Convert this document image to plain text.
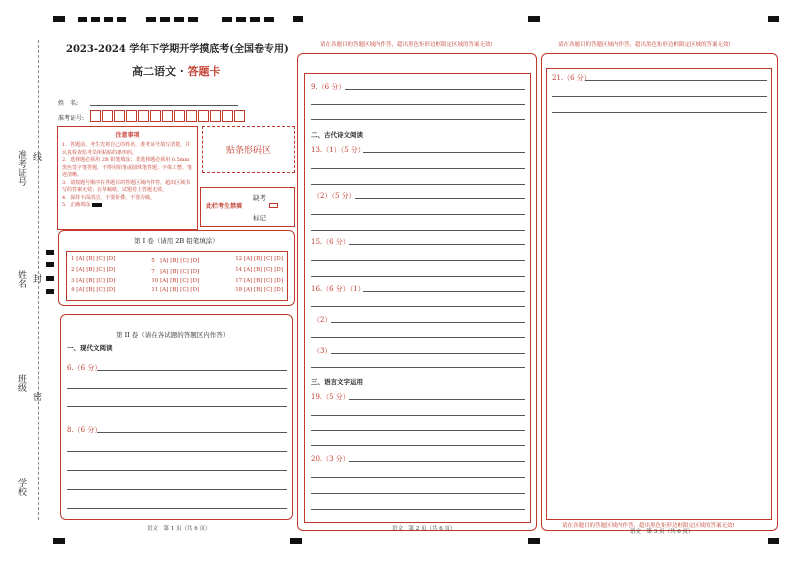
准考证号 线
姓名 封
班级
密
学校
2023-2024 学年下学期开学摸底考(全国卷专用)
高二语文 · 答题卡
姓　名:
准考证号:
注意事项
1．答题前，考生先将自己的姓名、准考证号填写清楚，并认真检查监考员所粘贴的条形码。
2．选择题必须用 2B 铅笔填涂；非选择题必须用 0.5mm 黑色签字笔答题，不得用铅笔或圆珠笔答题；字体工整、笔迹清晰。
3．请按题号顺序在各题目的答题区域内作答，超出区域书写的答案无效；在草稿纸、试题卷上答题无效。
4．保持卡面清洁，不要折叠、不要弄破。
5．正确填涂
贴条形码区
此栏考生禁填
缺考
标记
第 I 卷（请用 2B 铅笔填涂）
1 [A] [B] [C] [D]	5　[A] [B] [C] [D]	12 [A] [B] [C] [D]
2 [A] [B] [C] [D]	7　[A] [B] [C] [D]	14 [A] [B] [C] [D]
3 [A] [B] [C] [D]	10 [A] [B] [C] [D]	17 [A] [B] [C] [D]
4 [A] [B] [C] [D]	11 [A] [B] [C] [D]	18 [A] [B] [C] [D]
第 II 卷（请在各试题的答题区内作答）
一、现代文阅读
6.（6 分）
8.（6 分）
语文　第 1 页（共 6 页）
请在各题目的答题区域内作答，超出黑色矩形边框限定区域的答案无效!
9.（6 分）
二、古代诗文阅读
13.（1）（5 分）
（2）（5 分）
15.（6 分）
16.（6 分）（1）
（2）
（3）
三、语言文字运用
19.（5 分）
20.（3 分）
语文　第 2 页（共 6 页）
请在各题目的答题区域内作答，超出黑色矩形边框限定区域的答案无效!
21.（6 分）
请在各题目的答题区域内作答，超出黑色矩形边框限定区域的答案无效!
语文　第 3 页（共 6 页）
